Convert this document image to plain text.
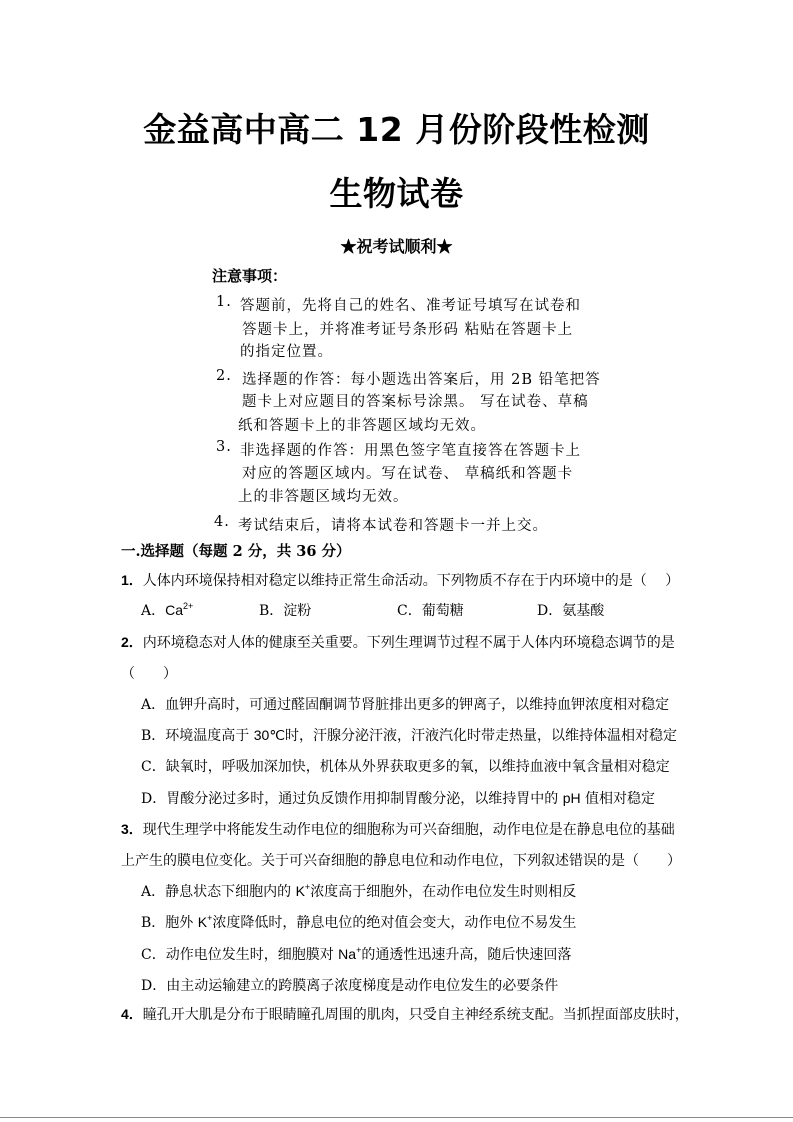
金益高中高二 12 月份阶段性检测
生物试卷
★祝考试顺利★
注意事项：
1. 答题前，先将自己的姓名、准考证号填写在试卷和
答题卡上，并将准考证号条形码 粘贴在答题卡上
的指定位置。
2. 选择题的作答：每小题选出答案后，用 2B 铅笔把答
题卡上对应题目的答案标号涂黑。 写在试卷、草稿
纸和答题卡上的非答题区域均无效。
3. 非选择题的作答：用黑色签字笔直接答在答题卡上
对应的答题区域内。写在试卷、 草稿纸和答题卡
上的非答题区域均无效。
4. 考试结束后，请将本试卷和答题卡一并上交。
一.选择题（每题 2 分，共 36 分）
1．人体内环境保持相对稳定以维持正常生命活动。下列物质不存在于内环境中的是（　 ）
A．$Ca^{2+}$	B．淀粉	C．葡萄糖	D．氨基酸
2．内环境稳态对人体的健康至关重要。下列生理调节过程不属于人体内环境稳态调节的是
（　　）
A．血钾升高时，可通过醛固酮调节肾脏排出更多的钾离子，以维持血钾浓度相对稳定
B．环境温度高于 30℃时，汗腺分泌汗液，汗液汽化时带走热量，以维持体温相对稳定
C．缺氧时，呼吸加深加快，机体从外界获取更多的氧，以维持血液中氧含量相对稳定
D．胃酸分泌过多时，通过负反馈作用抑制胃酸分泌，以维持胃中的 pH 值相对稳定
3．现代生理学中将能发生动作电位的细胞称为可兴奋细胞，动作电位是在静息电位的基础
上产生的膜电位变化。关于可兴奋细胞的静息电位和动作电位，下列叙述错误的是（　　）
A．静息状态下细胞内的 K+浓度高于细胞外，在动作电位发生时则相反
B．胞外 K+浓度降低时，静息电位的绝对值会变大，动作电位不易发生
C．动作电位发生时，细胞膜对 Na+的通透性迅速升高，随后快速回落
D．由主动运输建立的跨膜离子浓度梯度是动作电位发生的必要条件
4．瞳孔开大肌是分布于眼睛瞳孔周围的肌肉，只受自主神经系统支配。当抓捏面部皮肤时，
